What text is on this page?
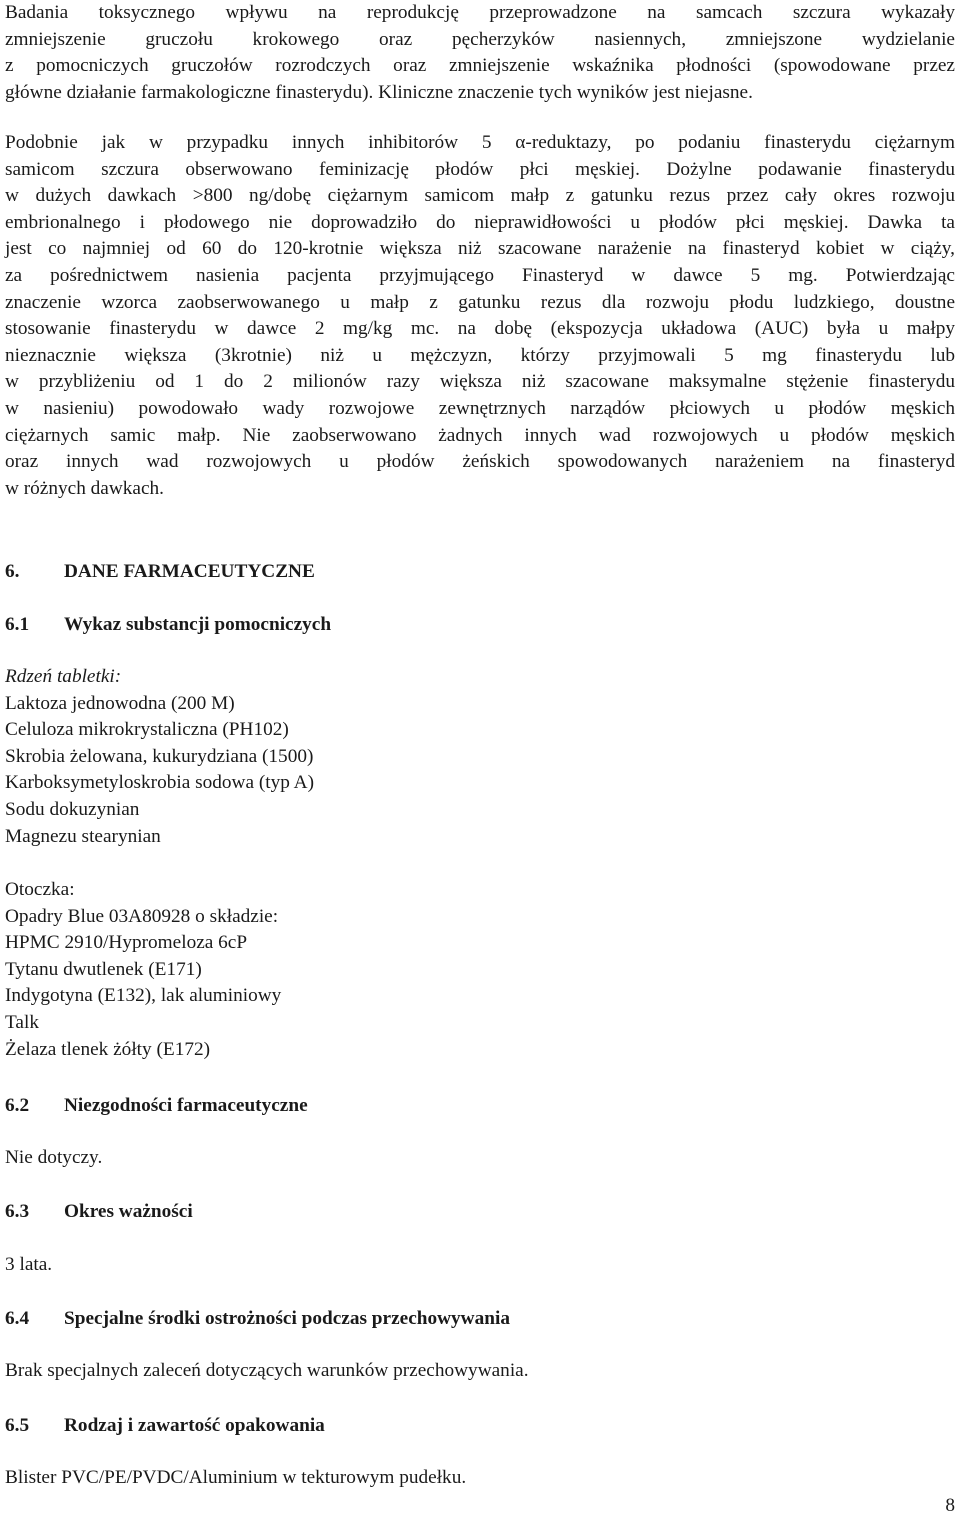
Badania toksycznego wpływu na reprodukcję przeprowadzone na samcach szczura wykazały
zmniejszenie gruczołu krokowego oraz pęcherzyków nasiennych, zmniejszone wydzielanie
z pomocniczych gruczołów rozrodczych oraz zmniejszenie wskaźnika płodności (spowodowane przez
główne działanie farmakologiczne finasterydu). Kliniczne znaczenie tych wyników jest niejasne.
Podobnie jak w przypadku innych inhibitorów 5 α-reduktazy, po podaniu finasterydu ciężarnym
samicom szczura obserwowano feminizację płodów płci męskiej. Dożylne podawanie finasterydu
w dużych dawkach >800 ng/dobę ciężarnym samicom małp z gatunku rezus przez cały okres rozwoju
embrionalnego i płodowego nie doprowadziło do nieprawidłowości u płodów płci męskiej. Dawka ta
jest co najmniej od 60 do 120-krotnie większa niż szacowane narażenie na finasteryd kobiet w ciąży,
za pośrednictwem nasienia pacjenta przyjmującego Finasteryd w dawce 5 mg. Potwierdzając
znaczenie wzorca zaobserwowanego u małp z gatunku rezus dla rozwoju płodu ludzkiego, doustne
stosowanie finasterydu w dawce 2 mg/kg mc. na dobę (ekspozycja układowa (AUC) była u małpy
nieznacznie większa (3krotnie) niż u mężczyzn, którzy przyjmowali 5 mg finasterydu lub
w przybliżeniu od 1 do 2 milionów razy większa niż szacowane maksymalne stężenie finasterydu
w nasieniu) powodowało wady rozwojowe zewnętrznych narządów płciowych u płodów męskich
ciężarnych samic małp. Nie zaobserwowano żadnych innych wad rozwojowych u płodów męskich
oraz innych wad rozwojowych u płodów żeńskich spowodowanych narażeniem na finasteryd
w różnych dawkach.
6. DANE FARMACEUTYCZNE
6.1 Wykaz substancji pomocniczych
Rdzeń tabletki:
Laktoza jednowodna (200 M)
Celuloza mikrokrystaliczna (PH102)
Skrobia żelowana, kukurydziana (1500)
Karboksymetyloskrobia sodowa (typ A)
Sodu dokuzynian
Magnezu stearynian
Otoczka:
Opadry Blue 03A80928 o składzie:
HPMC 2910/Hypromeloza 6cP
Tytanu dwutlenek (E171)
Indygotyna (E132), lak aluminiowy
Talk
Żelaza tlenek żółty (E172)
6.2 Niezgodności farmaceutyczne
Nie dotyczy.
6.3 Okres ważności
3 lata.
6.4 Specjalne środki ostrożności podczas przechowywania
Brak specjalnych zaleceń dotyczących warunków przechowywania.
6.5 Rodzaj i zawartość opakowania
Blister PVC/PE/PVDC/Aluminium w tekturowym pudełku.
8
